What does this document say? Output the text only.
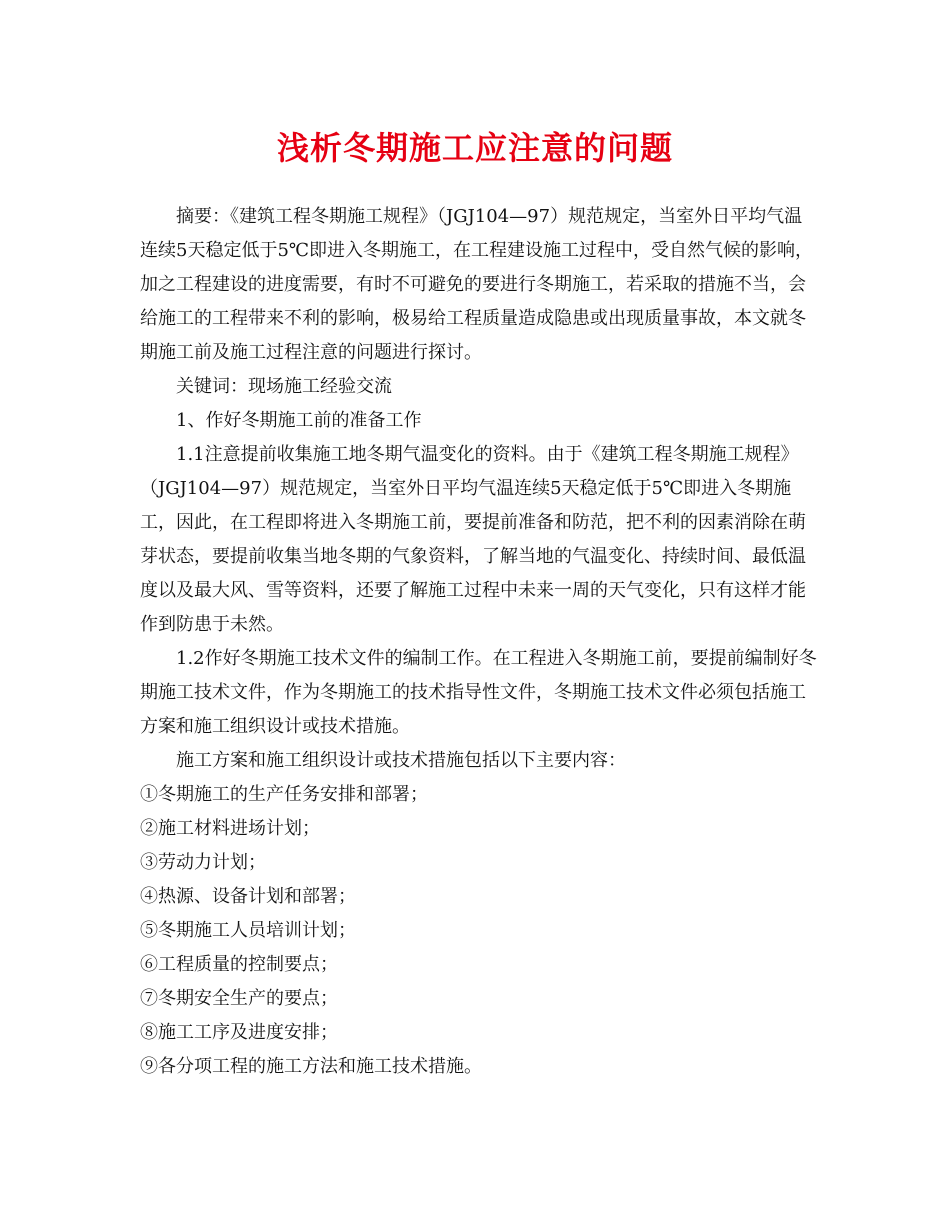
浅析冬期施工应注意的问题

摘要：《建筑工程冬期施工规程》（JGJ104—97）规范规定，当室外日平均气温连续5天稳定低于5℃即进入冬期施工，在工程建设施工过程中，受自然气候的影响，加之工程建设的进度需要，有时不可避免的要进行冬期施工，若采取的措施不当，会给施工的工程带来不利的影响，极易给工程质量造成隐患或出现质量事故，本文就冬期施工前及施工过程注意的问题进行探讨。

关键词：现场施工经验交流

1、作好冬期施工前的准备工作

1.1注意提前收集施工地冬期气温变化的资料。由于《建筑工程冬期施工规程》（JGJ104—97）规范规定，当室外日平均气温连续5天稳定低于5℃即进入冬期施工，因此，在工程即将进入冬期施工前，要提前准备和防范，把不利的因素消除在萌芽状态，要提前收集当地冬期的气象资料，了解当地的气温变化、持续时间、最低温度以及最大风、雪等资料，还要了解施工过程中未来一周的天气变化，只有这样才能作到防患于未然。

1.2作好冬期施工技术文件的编制工作。在工程进入冬期施工前，要提前编制好冬期施工技术文件，作为冬期施工的技术指导性文件，冬期施工技术文件必须包括施工方案和施工组织设计或技术措施。

施工方案和施工组织设计或技术措施包括以下主要内容：

①冬期施工的生产任务安排和部署；

②施工材料进场计划；

③劳动力计划；

④热源、设备计划和部署；

⑤冬期施工人员培训计划；

⑥工程质量的控制要点；

⑦冬期安全生产的要点；

⑧施工工序及进度安排；

⑨各分项工程的施工方法和施工技术措施。
